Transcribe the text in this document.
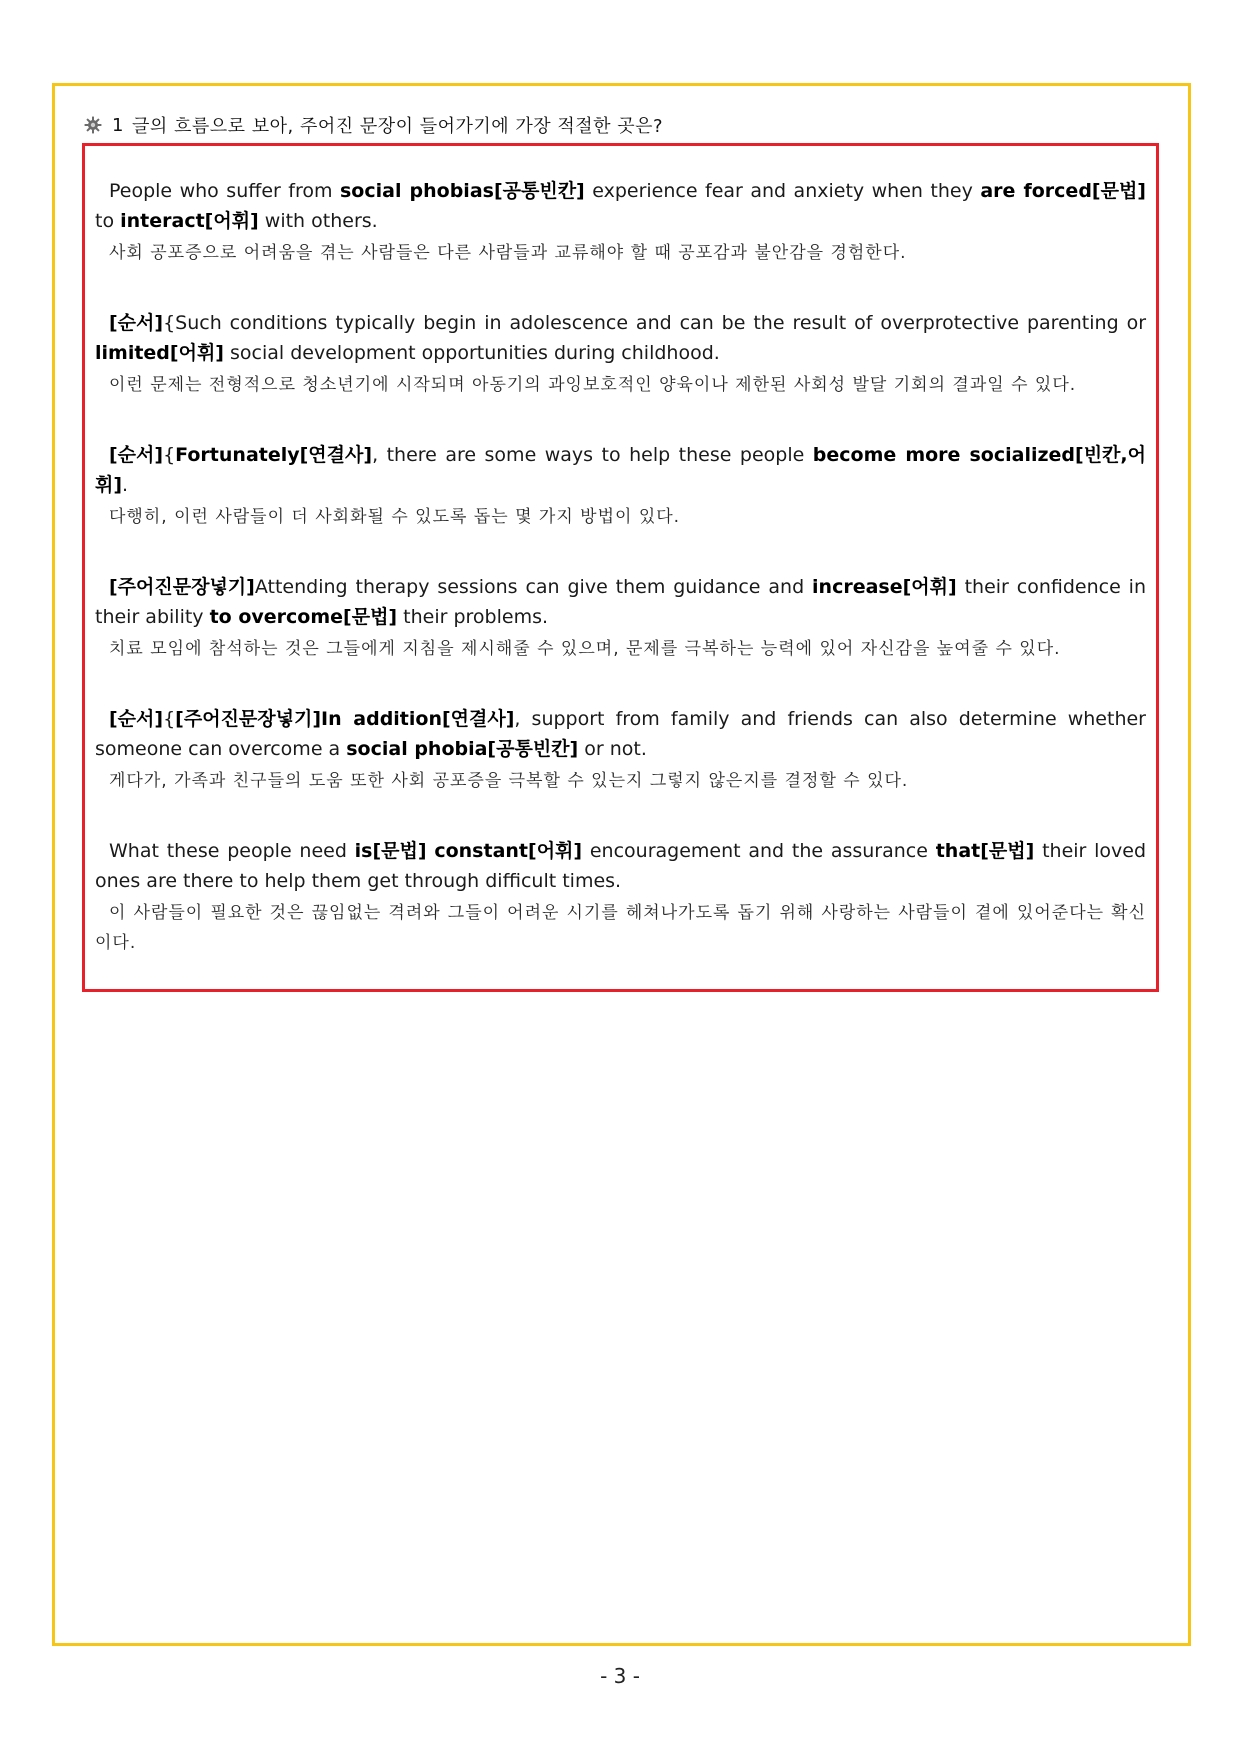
1 글의 흐름으로 보아, 주어진 문장이 들어가기에 가장 적절한 곳은?
People who suffer from social phobias[공통빈칸] experience fear and anxiety when they are forced[문법] to interact[어휘] with others.
사회 공포증으로 어려움을 겪는 사람들은 다른 사람들과 교류해야 할 때 공포감과 불안감을 경험한다.
[순서]{Such conditions typically begin in adolescence and can be the result of overprotective parenting or limited[어휘] social development opportunities during childhood.
이런 문제는 전형적으로 청소년기에 시작되며 아동기의 과잉보호적인 양육이나 제한된 사회성 발달 기회의 결과일 수 있다.
[순서]{Fortunately[연결사], there are some ways to help these people become more socialized[빈칸,어휘].
다행히, 이런 사람들이 더 사회화될 수 있도록 돕는 몇 가지 방법이 있다.
[주어진문장넣기]Attending therapy sessions can give them guidance and increase[어휘] their confidence in their ability to overcome[문법] their problems.
치료 모임에 참석하는 것은 그들에게 지침을 제시해줄 수 있으며, 문제를 극복하는 능력에 있어 자신감을 높여줄 수 있다.
[순서]{[주어진문장넣기]In addition[연결사], support from family and friends can also determine whether someone can overcome a social phobia[공통빈칸] or not.
게다가, 가족과 친구들의 도움 또한 사회 공포증을 극복할 수 있는지 그렇지 않은지를 결정할 수 있다.
What these people need is[문법] constant[어휘] encouragement and the assurance that[문법] their loved ones are there to help them get through difficult times.
이 사람들이 필요한 것은 끊임없는 격려와 그들이 어려운 시기를 헤쳐나가도록 돕기 위해 사랑하는 사람들이 곁에 있어준다는 확신이다.
- 3 -
